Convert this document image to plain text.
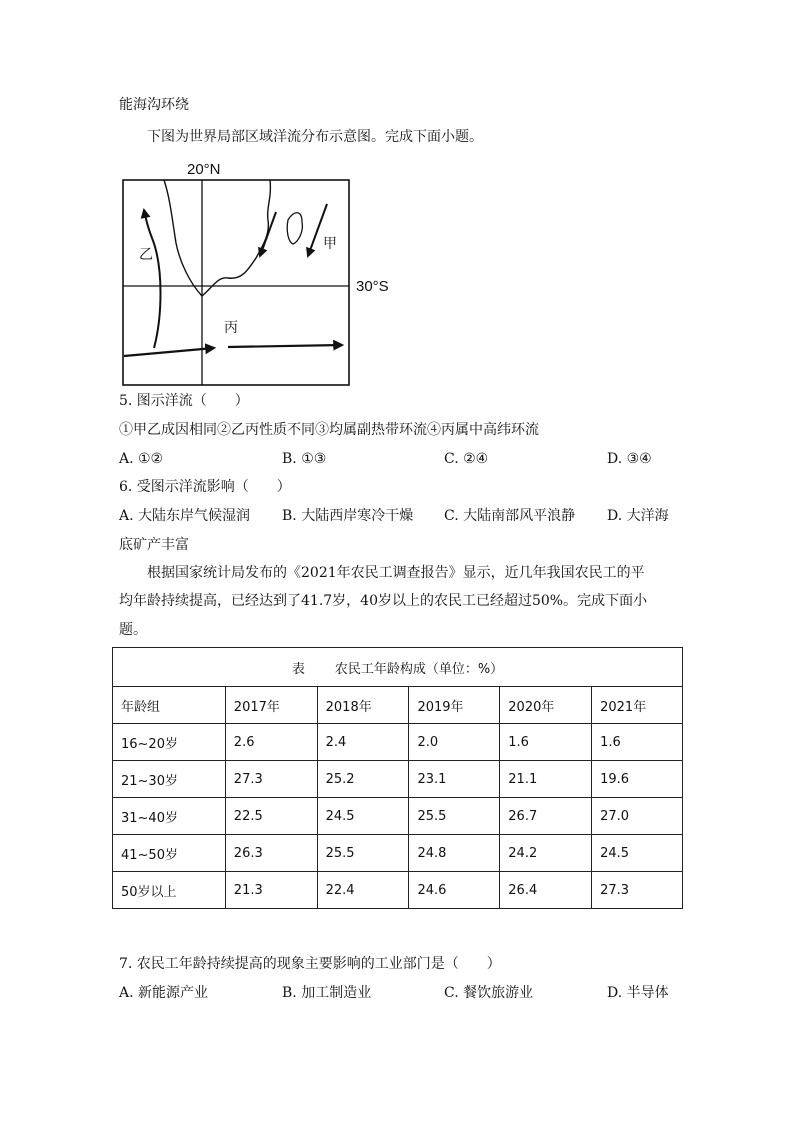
能海沟环绕
下图为世界局部区域洋流分布示意图。完成下面小题。
20°N
30°S
甲
乙
丙
5. 图示洋流（　　）
①甲乙成因相同②乙丙性质不同③均属副热带环流④丙属中高纬环流
A. ①②	B. ①③	C. ②④	D. ③④
6. 受图示洋流影响（　　）
A. 大陆东岸气候湿润 B. 大陆西岸寒冷干燥 C. 大陆南部风平浪静 D. 大洋海
底矿产丰富
根据国家统计局发布的《2021年农民工调查报告》显示，近几年我国农民工的平
均年龄持续提高，已经达到了41.7岁，40岁以上的农民工已经超过50%。完成下面小
题。
表 农民工年龄构成（单位：%）					
年龄组	2017年	2018年	2019年	2020年	2021年
16~20岁	2.6	2.4	2.0	1.6	1.6
21~30岁	27.3	25.2	23.1	21.1	19.6
31~40岁	22.5	24.5	25.5	26.7	27.0
41~50岁	26.3	25.5	24.8	24.2	24.5
50岁以上	21.3	22.4	24.6	26.4	27.3
7. 农民工年龄持续提高的现象主要影响的工业部门是（　　）
A. 新能源产业	B. 加工制造业	C. 餐饮旅游业	D. 半导体
